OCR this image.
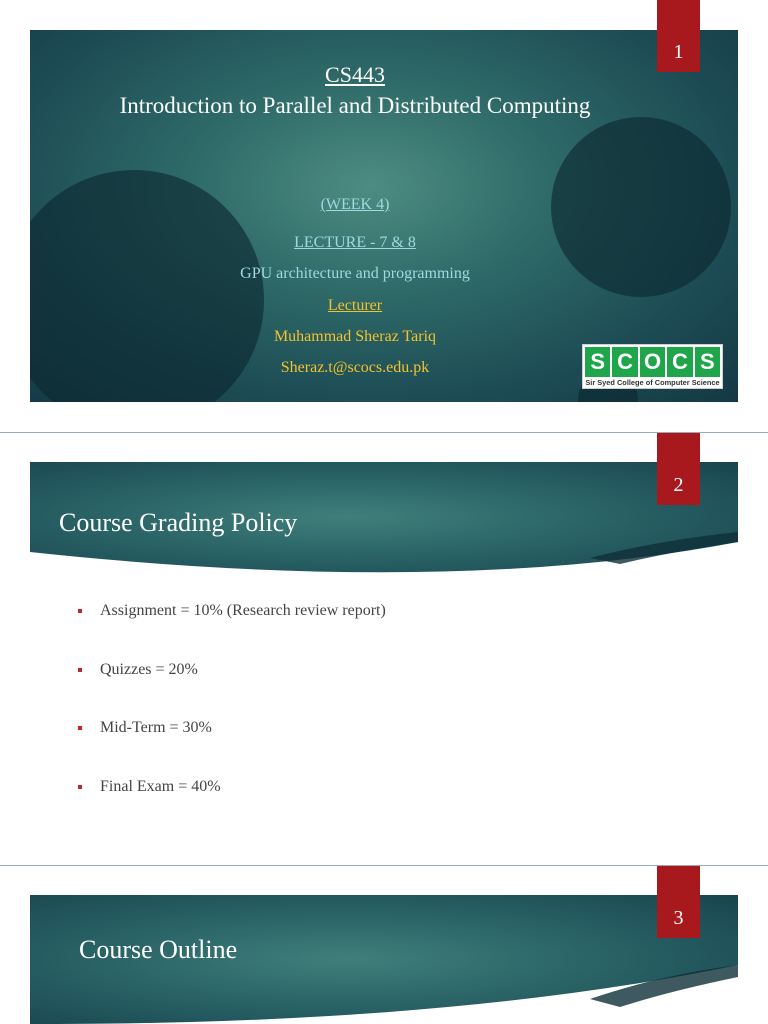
CS443
Introduction to Parallel and Distributed Computing
(WEEK 4)
LECTURE - 7 & 8
GPU architecture and programming
Lecturer
Muhammad Sheraz Tariq
Sheraz.t@scocs.edu.pk	S C O C S
Sir Syed College of Computer Science
1
Course Grading Policy
2
Assignment = 10% (Research review report)
Quizzes = 20%
Mid-Term = 30%
Final Exam = 40%
Course Outline
3
